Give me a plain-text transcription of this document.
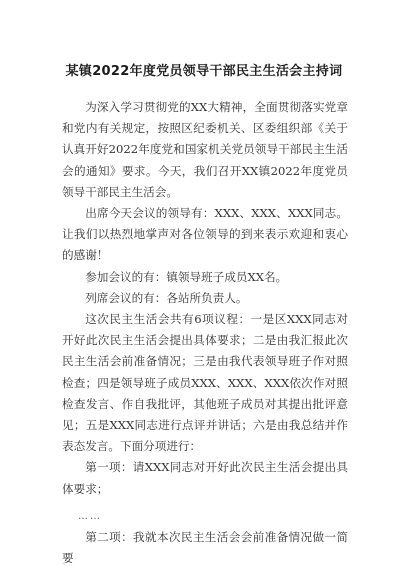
某镇2022年度党员领导干部民主生活会主持词

为深入学习贯彻党的XX大精神，全面贯彻落实党章和党内有关规定，按照区纪委机关、区委组织部《关于认真开好2022年度党和国家机关党员领导干部民主生活会的通知》要求。今天，我们召开XX镇2022年度党员领导干部民主生活会。

出席今天会议的领导有：XXX、XXX、XXX同志。让我们以热烈地掌声对各位领导的到来表示欢迎和衷心的感谢！

参加会议的有：镇领导班子成员XX名。

列席会议的有：各站所负责人。

这次民主生活会共有6项议程：一是区XXX同志对开好此次民主生活会提出具体要求；二是由我汇报此次民主生活会前准备情况；三是由我代表领导班子作对照检查；四是领导班子成员XXX、XXX、XXX依次作对照检查发言、作自我批评，其他班子成员对其提出批评意见；五是XXX同志进行点评并讲话；六是由我总结并作表态发言。下面分项进行：

第一项：请XXX同志对开好此次民主生活会提出具体要求；

……

第二项：我就本次民主生活会会前准备情况做一简要
